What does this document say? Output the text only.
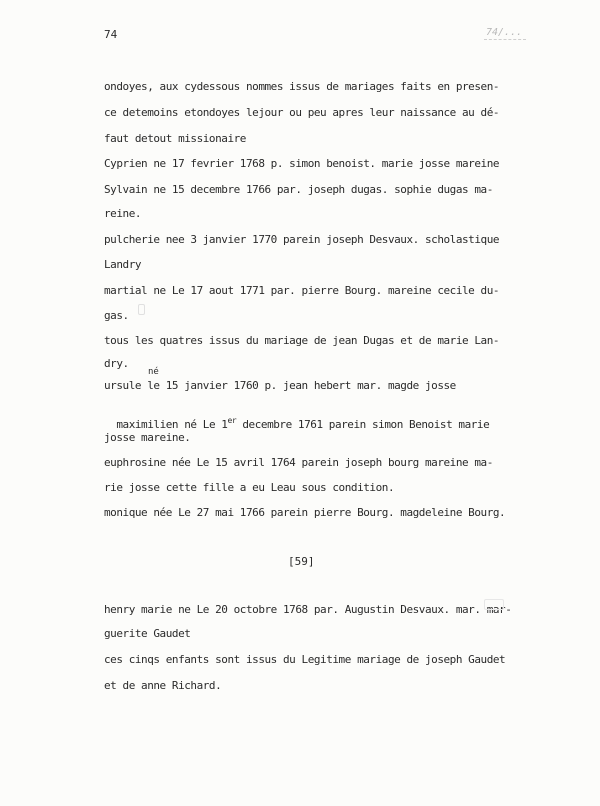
74	74/...
ondoyes, aux cydessous nommes issus de mariages faits en presen-
ce detemoins etondoyes lejour ou peu apres leur naissance au dé-
faut detout missionaire
Cyprien ne 17 fevrier 1768 p. simon benoist. marie josse mareine
Sylvain ne 15 decembre 1766 par. joseph dugas. sophie dugas ma-
reine.
pulcherie nee 3 janvier 1770 parein joseph Desvaux. scholastique
Landry
martial ne Le 17 aout 1771 par. pierre Bourg. mareine cecile du-
gas.
tous les quatres issus du mariage de jean Dugas et de marie Lan-
dry.
né
ursule le 15 janvier 1760 p. jean hebert mar. magde josse

maximilien né Le 1er decembre 1761 parein simon Benoist marie

josse mareine.
euphrosine née Le 15 avril 1764 parein joseph bourg mareine ma-
rie josse cette fille a eu Leau sous condition.
monique née Le 27 mai 1766 parein pierre Bourg. magdeleine Bourg.
[59]
henry marie ne Le 20 octobre 1768 par. Augustin Desvaux. mar. mar-
guerite Gaudet
ces cinqs enfants sont issus du Legitime mariage de joseph Gaudet
et de anne Richard.
